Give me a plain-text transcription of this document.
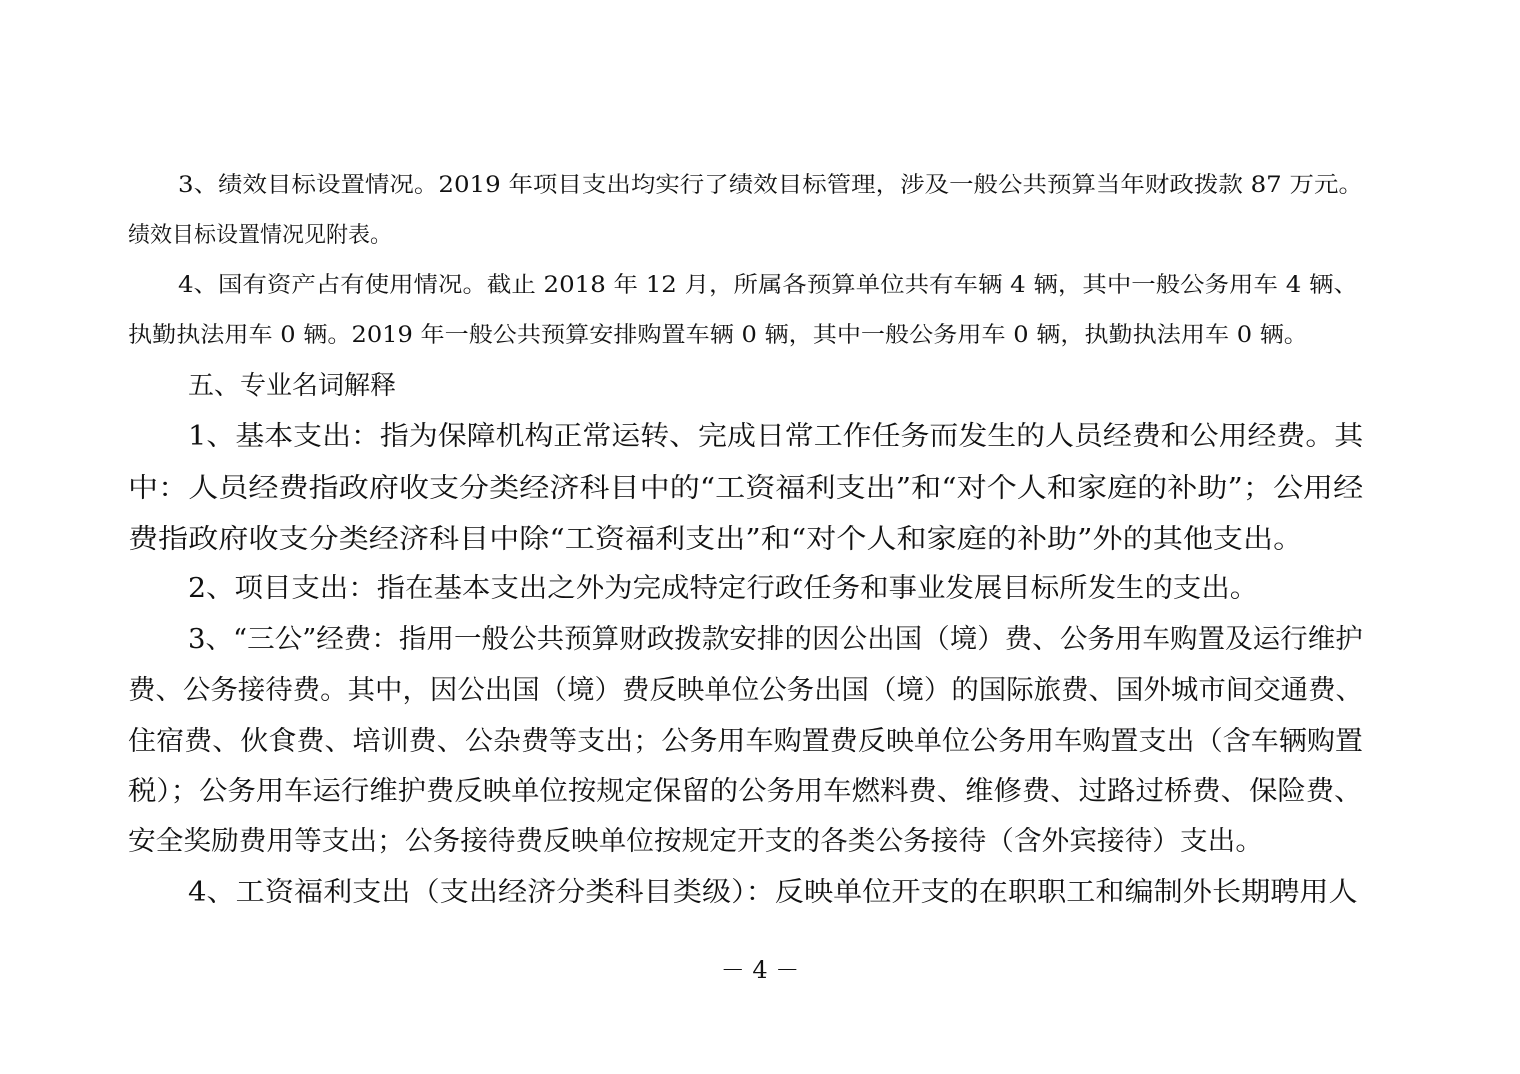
3、绩效目标设置情况。2019 年项目支出均实行了绩效目标管理，涉及一般公共预算当年财政拨款 87 万元。
绩效目标设置情况见附表。
4、国有资产占有使用情况。截止 2018 年 12 月，所属各预算单位共有车辆 4 辆，其中一般公务用车 4 辆、
执勤执法用车 0 辆。2019 年一般公共预算安排购置车辆 0 辆，其中一般公务用车 0 辆，执勤执法用车 0 辆。
五、专业名词解释
1、基本支出：指为保障机构正常运转、完成日常工作任务而发生的人员经费和公用经费。其
中：人员经费指政府收支分类经济科目中的“工资福利支出”和“对个人和家庭的补助”；公用经
费指政府收支分类经济科目中除“工资福利支出”和“对个人和家庭的补助”外的其他支出。
2、项目支出：指在基本支出之外为完成特定行政任务和事业发展目标所发生的支出。
3、“三公”经费：指用一般公共预算财政拨款安排的因公出国（境）费、公务用车购置及运行维护
费、公务接待费。其中，因公出国（境）费反映单位公务出国（境）的国际旅费、国外城市间交通费、
住宿费、伙食费、培训费、公杂费等支出；公务用车购置费反映单位公务用车购置支出（含车辆购置
税）；公务用车运行维护费反映单位按规定保留的公务用车燃料费、维修费、过路过桥费、保险费、
安全奖励费用等支出；公务接待费反映单位按规定开支的各类公务接待（含外宾接待）支出。
4、工资福利支出（支出经济分类科目类级）：反映单位开支的在职职工和编制外长期聘用人
－ 4 －
